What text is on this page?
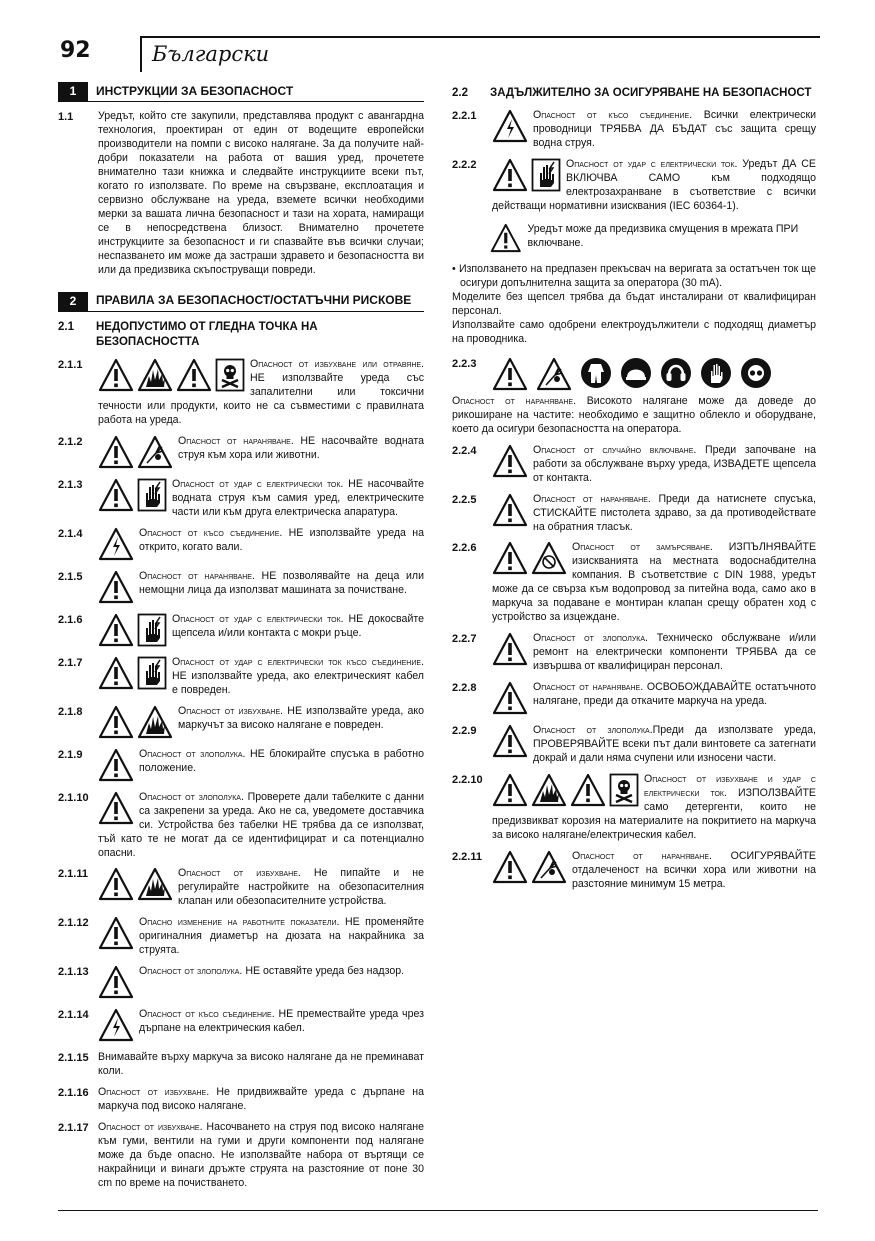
92	Български
1	ИНСТРУКЦИИ ЗА БЕЗОПАСНОСТ
1.1	Уредът, който сте закупили, представлява продукт с авангардна технология, проектиран от един от водещите европейски производители на помпи с високо налягане. За да получите най-добри показатели на работа от вашия уред, прочетете внимателно тази книжка и следвайте инструкциите всеки път, когато го използвате. По време на свързване, експлоатация и сервизно обслужване на уреда, вземете всички необходими мерки за вашата лична безопасност и тази на хората, намиращи се в непосредствена близост. Внимателно прочетете инструкциите за безопасност и ги спазвайте във всички случаи; неспазването им може да застраши здравето и безопасността ви или да предизвика скъпоструващи повреди.
2	ПРАВИЛА ЗА БЕЗОПАСНОСТ/ОСТАТЪЧНИ РИСКОВЕ
2.1	НЕДОПУСТИМО ОТ ГЛЕДНА ТОЧКА НА БЕЗОПАСНОСТТА
2.1.1	Опасност от избухване или отравяне. НЕ използвайте уреда със запалителни или токсични течности или продукти, които не са съвместими с правилната работа на уреда.
2.1.2	Опасност от нараняване. НЕ насочвайте водната струя към хора или животни.
2.1.3	Опасност от удар с електрически ток. НЕ насочвайте водната струя към самия уред, електрическите части или към друга електрическа апаратура.
2.1.4	Опасност от късо съединение. НЕ използвайте уреда на открито, когато вали.
2.1.5	Опасност от нараняване. НЕ позволявайте на деца или немощни лица да използват машината за почистване.
2.1.6	Опасност от удар с електрически ток. НЕ докосвайте щепсела и/или контакта с мокри ръце.
2.1.7	Опасност от удар с електрически ток късо съединение. НЕ използвайте уреда, ако електрическият кабел е повреден.
2.1.8	Опасност от избухване. НЕ използвайте уреда, ако маркучът за високо налягане е повреден.
2.1.9	Опасност от злополука. НЕ блокирайте спусъка в работно положение.
2.1.10	Опасност от злополука. Проверете дали табелките с данни са закрепени за уреда. Ако не са, уведомете доставчика си. Устройства без табелки НЕ трябва да се използват, тъй като те не могат да се идентифицират и са потенциално опасни.
2.1.11	Опасност от избухване. Не пипайте и не регулирайте настройките на обезопасителния клапан или обезопасителните устройства.
2.1.12	Опасно изменение на работните показатели. НЕ променяйте оригиналния диаметър на дюзата на накрайника за струята.
2.1.13	Опасност от злополука. НЕ оставяйте уреда без надзор.
2.1.14	Опасност от късо съединение. НЕ премествайте уреда чрез дърпане на електрическия кабел.
2.1.15 Внимавайте върху маркуча за високо налягане да не преминават коли.
2.1.16 Опасност от избухване. Не придвижвайте уреда с дърпане на маркуча под високо налягане.
2.1.17 Опасност от избухване. Насочването на струя под високо налягане към гуми, вентили на гуми и други компоненти под налягане може да бъде опасно. Не използвайте набора от въртящи се накрайници и винаги дръжте струята на разстояние от поне 30 cm по време на почистването.
2.2	ЗАДЪЛЖИТЕЛНО ЗА ОСИГУРЯВАНЕ НА БЕЗОПАСНОСТ
2.2.1	Опасност от късо съединение. Всички електрически проводници ТРЯБВА ДА БЪДАТ със защита срещу водна струя.
2.2.2	Опасност от удар с електрически ток. Уредът ДА СЕ ВКЛЮЧВА САМО към подходящо електрозахранване в съответствие с всички действащи нормативни изисквания (IEC 60364-1).
Уредът може да предизвика смущения в мрежата ПРИ включване.
• Използването на предпазен прекъсвач на веригата за остатъчен ток ще осигури допълнителна защита за оператора (30 mA).
Моделите без щепсел трябва да бъдат инсталирани от квалифициран персонал.
Използвайте само одобрени електроудължители с подходящ диаметър на проводника.
2.2.3
Опасност от нараняване. Високото налягане може да доведе до рикоширане на частите: необходимо е защитно облекло и оборудване, което да осигури безопасността на оператора.
2.2.4	Опасност от случайно включване. Преди започване на работи за обслужване върху уреда, ИЗВАДЕТЕ щепсела от контакта.
2.2.5	Опасност от нараняване. Преди да натиснете спусъка, СТИСКАЙТЕ пистолета здраво, за да противодействате на обратния тласък.
2.2.6	Опасност от замърсяване. ИЗПЪЛНЯВАЙТЕ изискванията на местната водоснабдителна компания. В съответствие с DIN 1988, уредът може да се свърза към водопровод за питейна вода, само ако в маркуча за подаване е монтиран клапан срещу обратен ход с устройство за изцеждане.
2.2.7	Опасност от злополука. Техническо обслужване и/или ремонт на електрически компоненти ТРЯБВА да се извършва от квалифициран персонал.
2.2.8	Опасност от нараняване. ОСВОБОЖДАВАЙТЕ остатъчното налягане, преди да откачите маркуча на уреда.
2.2.9	Опасност от злополука.Преди да използвате уреда, ПРОВЕРЯВАЙТЕ всеки път дали винтовете са затегнати докрай и дали няма счупени или износени части.
2.2.10	Опасност от избухване и удар с електрически ток. ИЗПОЛЗВАЙТЕ само детергенти, които не предизвикват корозия на материалите на покритието на маркуча за високо налягане/електрическия кабел.
2.2.11	Опасност от нараняване. ОСИГУРЯВАЙТЕ отдалеченост на всички хора или животни на разстояние минимум 15 метра.
